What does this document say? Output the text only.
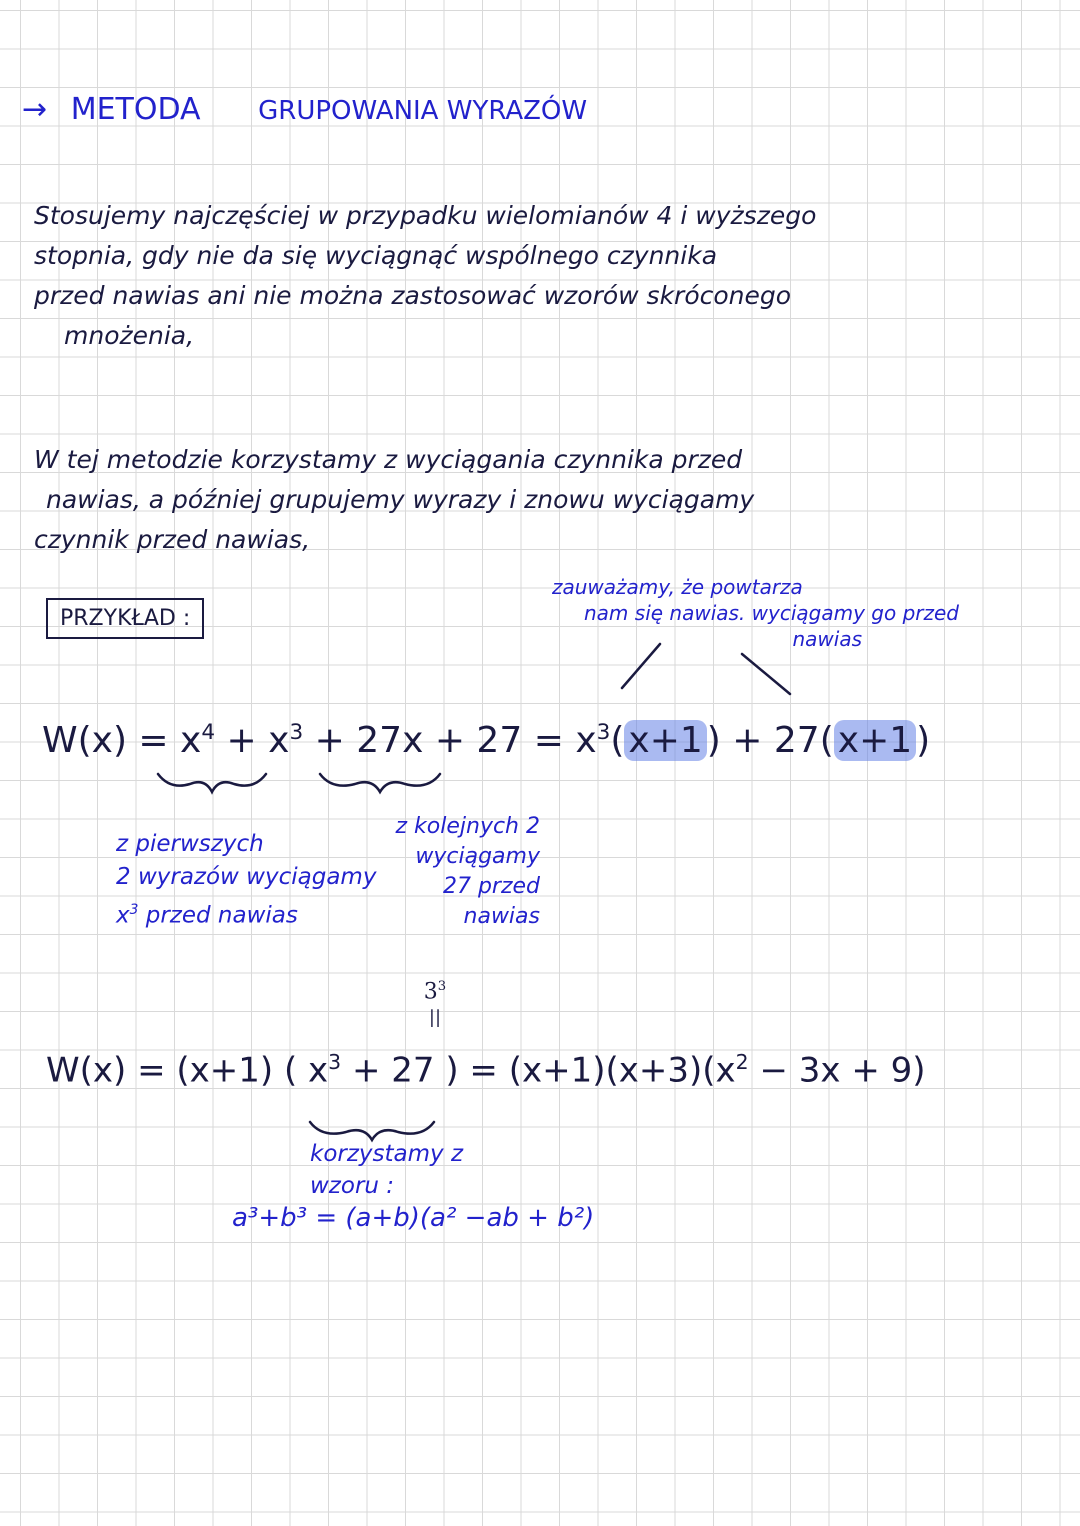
→ METODA GRUPOWANIA WYRAZÓW
Stosujemy najczęściej w przypadku wielomianów 4 i wyższego
stopnia, gdy nie da się wyciągnąć wspólnego czynnika
przed nawias ani nie można zastosować wzorów skróconego
mnożenia,
W tej metodzie korzystamy z wyciągania czynnika przed
nawias, a później grupujemy wyrazy i znowu wyciągamy
czynnik przed nawias,
PRZYKŁAD :
zauważamy, że powtarza
nam się nawias. wyciągamy go przed
nawias
$W(x) = x^4 + x^3 + 27x + 27 = x^3$( x+1 ) + 27( x+1 )
z pierwszych
2 wyrazów wyciągamy
$x^3$ przed nawias
z kolejnych 2
wyciągamy
27 przed
nawias
$3^3$
||
W(x) = (x+1) ( $x^3 + 27$ ) = $(x+1)(x+3)(x^2 - 3x + 9)$
korzystamy z
wzoru :
a³+b³ = (a+b)(a² −ab + b²)
